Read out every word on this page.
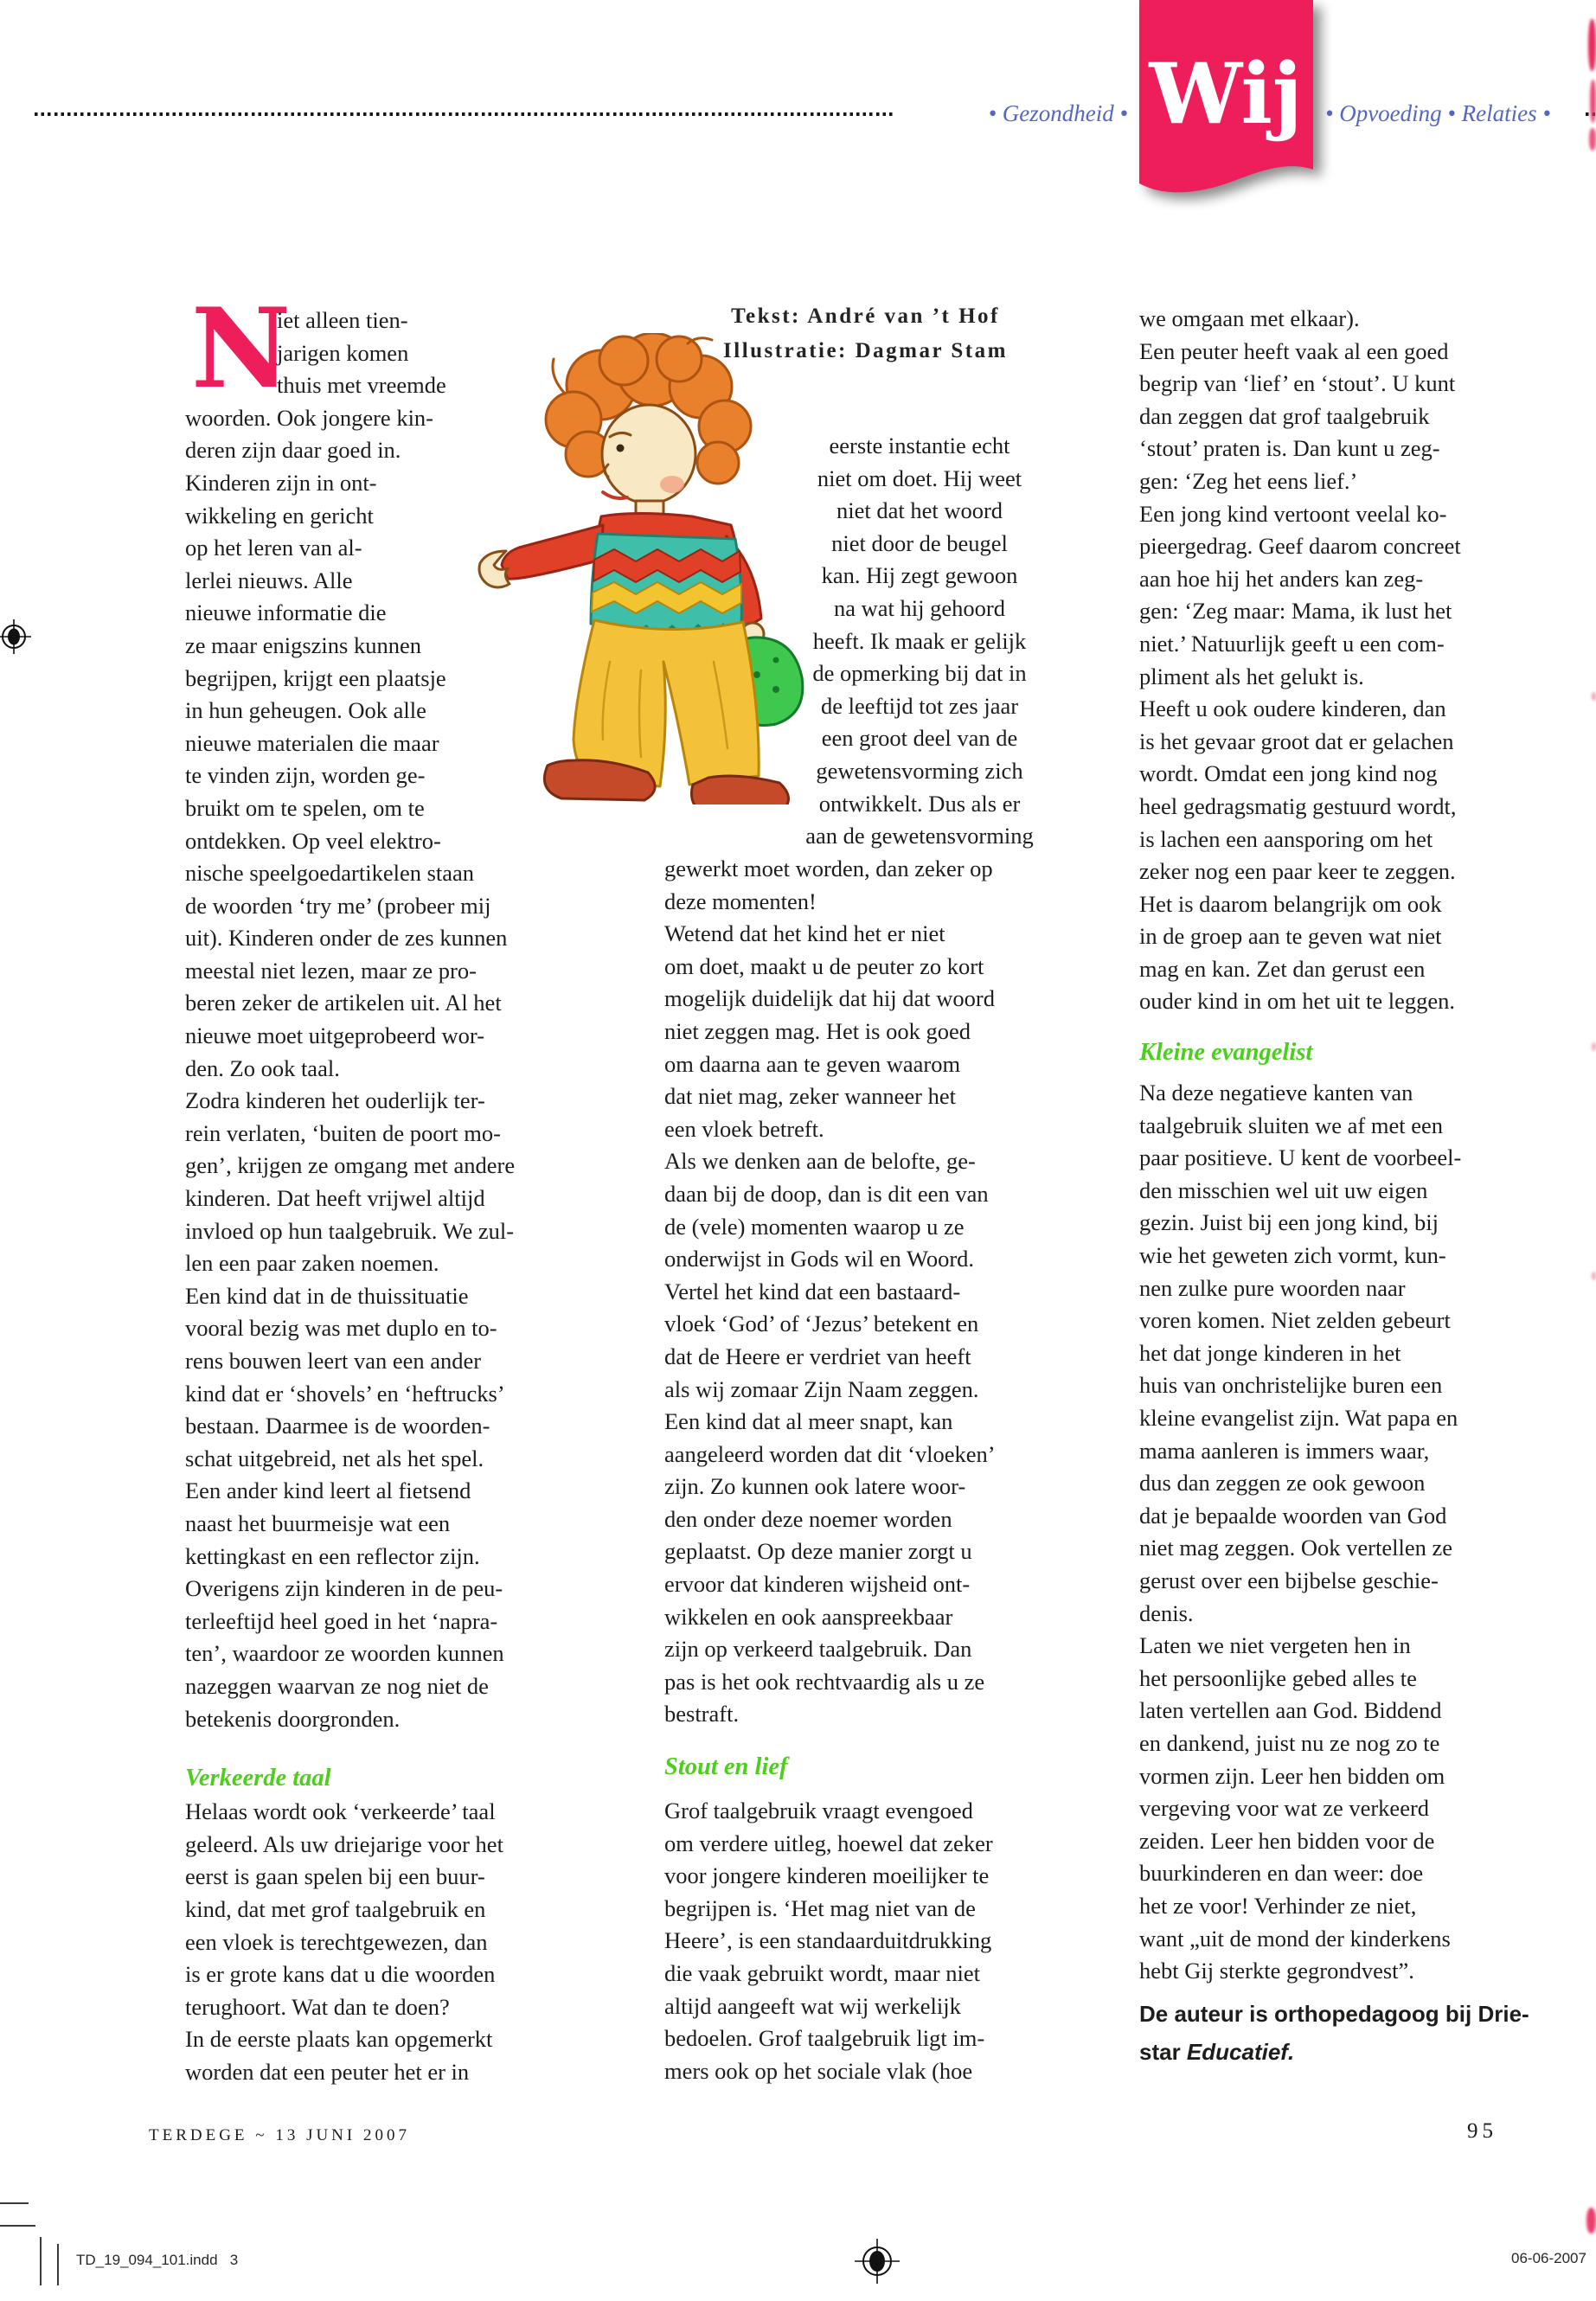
• Gezondheid • Wij • Opvoeding • Relaties •
N
iet alleen tien-
jarigen komen
thuis met vreemde
woorden. Ook jongere kin-
deren zijn daar goed in.
Kinderen zijn in ont-
wikkeling en gericht
op het leren van al-
lerlei nieuws. Alle
nieuwe informatie die
ze maar enigszins kunnen
begrijpen, krijgt een plaatsje
in hun geheugen. Ook alle
nieuwe materialen die maar
te vinden zijn, worden ge-
bruikt om te spelen, om te
ontdekken. Op veel elektro-
nische speelgoedartikelen staan
de woorden ‘try me’ (probeer mij
uit). Kinderen onder de zes kunnen
meestal niet lezen, maar ze pro-
beren zeker de artikelen uit. Al het
nieuwe moet uitgeprobeerd wor-
den. Zo ook taal.
Zodra kinderen het ouderlijk ter-
rein verlaten, ‘buiten de poort mo-
gen’, krijgen ze omgang met andere
kinderen. Dat heeft vrijwel altijd
invloed op hun taalgebruik. We zul-
len een paar zaken noemen.
Een kind dat in de thuissituatie
vooral bezig was met duplo en to-
rens bouwen leert van een ander
kind dat er ‘shovels’ en ‘heftrucks’
bestaan. Daarmee is de woorden-
schat uitgebreid, net als het spel.
Een ander kind leert al fietsend
naast het buurmeisje wat een
kettingkast en een reflector zijn.
Overigens zijn kinderen in de peu-
terleeftijd heel goed in het ‘napra-
ten’, waardoor ze woorden kunnen
nazeggen waarvan ze nog niet de
betekenis doorgronden.
Verkeerde taal
Helaas wordt ook ‘verkeerde’ taal
geleerd. Als uw driejarige voor het
eerst is gaan spelen bij een buur-
kind, dat met grof taalgebruik en
een vloek is terechtgewezen, dan
is er grote kans dat u die woorden
terughoort. Wat dan te doen?
In de eerste plaats kan opgemerkt
worden dat een peuter het er in
Tekst: André van ’t Hof
Illustratie: Dagmar Stam
eerste instantie echt
niet om doet. Hij weet
niet dat het woord
niet door de beugel
kan. Hij zegt gewoon
na wat hij gehoord
heeft. Ik maak er gelijk
de opmerking bij dat in
de leeftijd tot zes jaar
een groot deel van de
gewetensvorming zich
ontwikkelt. Dus als er
aan de gewetensvorming
gewerkt moet worden, dan zeker op
deze momenten!
Wetend dat het kind het er niet
om doet, maakt u de peuter zo kort
mogelijk duidelijk dat hij dat woord
niet zeggen mag. Het is ook goed
om daarna aan te geven waarom
dat niet mag, zeker wanneer het
een vloek betreft.
Als we denken aan de belofte, ge-
daan bij de doop, dan is dit een van
de (vele) momenten waarop u ze
onderwijst in Gods wil en Woord.
Vertel het kind dat een bastaard-
vloek ‘God’ of ‘Jezus’ betekent en
dat de Heere er verdriet van heeft
als wij zomaar Zijn Naam zeggen.
Een kind dat al meer snapt, kan
aangeleerd worden dat dit ‘vloeken’
zijn. Zo kunnen ook latere woor-
den onder deze noemer worden
geplaatst. Op deze manier zorgt u
ervoor dat kinderen wijsheid ont-
wikkelen en ook aanspreekbaar
zijn op verkeerd taalgebruik. Dan
pas is het ook rechtvaardig als u ze
bestraft.
Stout en lief
Grof taalgebruik vraagt evengoed
om verdere uitleg, hoewel dat zeker
voor jongere kinderen moeilijker te
begrijpen is. ‘Het mag niet van de
Heere’, is een standaarduitdrukking
die vaak gebruikt wordt, maar niet
altijd aangeeft wat wij werkelijk
bedoelen. Grof taalgebruik ligt im-
mers ook op het sociale vlak (hoe
we omgaan met elkaar).
Een peuter heeft vaak al een goed
begrip van ‘lief’ en ‘stout’. U kunt
dan zeggen dat grof taalgebruik
‘stout’ praten is. Dan kunt u zeg-
gen: ‘Zeg het eens lief.’
Een jong kind vertoont veelal ko-
pieergedrag. Geef daarom concreet
aan hoe hij het anders kan zeg-
gen: ‘Zeg maar: Mama, ik lust het
niet.’ Natuurlijk geeft u een com-
pliment als het gelukt is.
Heeft u ook oudere kinderen, dan
is het gevaar groot dat er gelachen
wordt. Omdat een jong kind nog
heel gedragsmatig gestuurd wordt,
is lachen een aansporing om het
zeker nog een paar keer te zeggen.
Het is daarom belangrijk om ook
in de groep aan te geven wat niet
mag en kan. Zet dan gerust een
ouder kind in om het uit te leggen.
Kleine evangelist
Na deze negatieve kanten van
taalgebruik sluiten we af met een
paar positieve. U kent de voorbeel-
den misschien wel uit uw eigen
gezin. Juist bij een jong kind, bij
wie het geweten zich vormt, kun-
nen zulke pure woorden naar
voren komen. Niet zelden gebeurt
het dat jonge kinderen in het
huis van onchristelijke buren een
kleine evangelist zijn. Wat papa en
mama aanleren is immers waar,
dus dan zeggen ze ook gewoon
dat je bepaalde woorden van God
niet mag zeggen. Ook vertellen ze
gerust over een bijbelse geschie-
denis.
Laten we niet vergeten hen in
het persoonlijke gebed alles te
laten vertellen aan God. Biddend
en dankend, juist nu ze nog zo te
vormen zijn. Leer hen bidden om
vergeving voor wat ze verkeerd
zeiden. Leer hen bidden voor de
buurkinderen en dan weer: doe
het ze voor! Verhinder ze niet,
want „uit de mond der kinderkens
hebt Gij sterkte gegrondvest”.
De auteur is orthopedagoog bij Drie-
star Educatief.
TERDEGE ~ 13 JUNI 2007	95
TD_19_094_101.indd   3	06-06-2007
